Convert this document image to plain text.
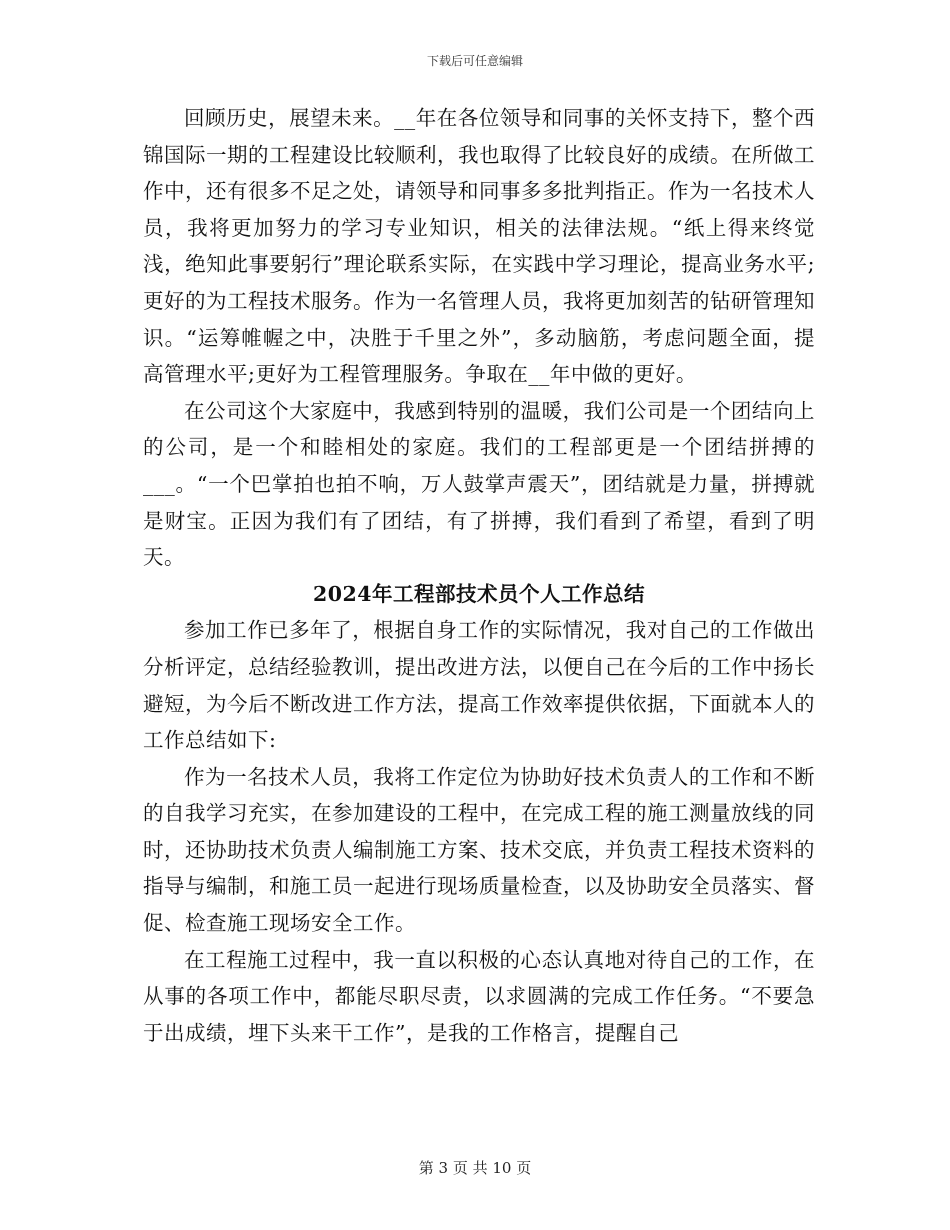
下载后可任意编辑

回顾历史，展望未来。__年在各位领导和同事的关怀支持下，整个西锦国际一期的工程建设比较顺利，我也取得了比较良好的成绩。在所做工作中，还有很多不足之处，请领导和同事多多批判指正。作为一名技术人员，我将更加努力的学习专业知识，相关的法律法规。“纸上得来终觉浅，绝知此事要躬行”理论联系实际，在实践中学习理论，提高业务水平;更好的为工程技术服务。作为一名管理人员，我将更加刻苦的钻研管理知识。“运筹帷幄之中，决胜于千里之外”，多动脑筋，考虑问题全面，提高管理水平;更好为工程管理服务。争取在__年中做的更好。

在公司这个大家庭中，我感到特别的温暖，我们公司是一个团结向上的公司，是一个和睦相处的家庭。我们的工程部更是一个团结拼搏的___。“一个巴掌拍也拍不响，万人鼓掌声震天”，团结就是力量，拼搏就是财宝。正因为我们有了团结，有了拼搏，我们看到了希望，看到了明天。

2024年工程部技术员个人工作总结

参加工作已多年了，根据自身工作的实际情况，我对自己的工作做出分析评定，总结经验教训，提出改进方法，以便自己在今后的工作中扬长避短，为今后不断改进工作方法，提高工作效率提供依据，下面就本人的工作总结如下:

作为一名技术人员，我将工作定位为协助好技术负责人的工作和不断的自我学习充实，在参加建设的工程中，在完成工程的施工测量放线的同时，还协助技术负责人编制施工方案、技术交底，并负责工程技术资料的指导与编制，和施工员一起进行现场质量检查，以及协助安全员落实、督促、检查施工现场安全工作。

在工程施工过程中，我一直以积极的心态认真地对待自己的工作，在从事的各项工作中，都能尽职尽责，以求圆满的完成工作任务。“不要急于出成绩，埋下头来干工作”，是我的工作格言，提醒自己

第 3 页 共 10 页
